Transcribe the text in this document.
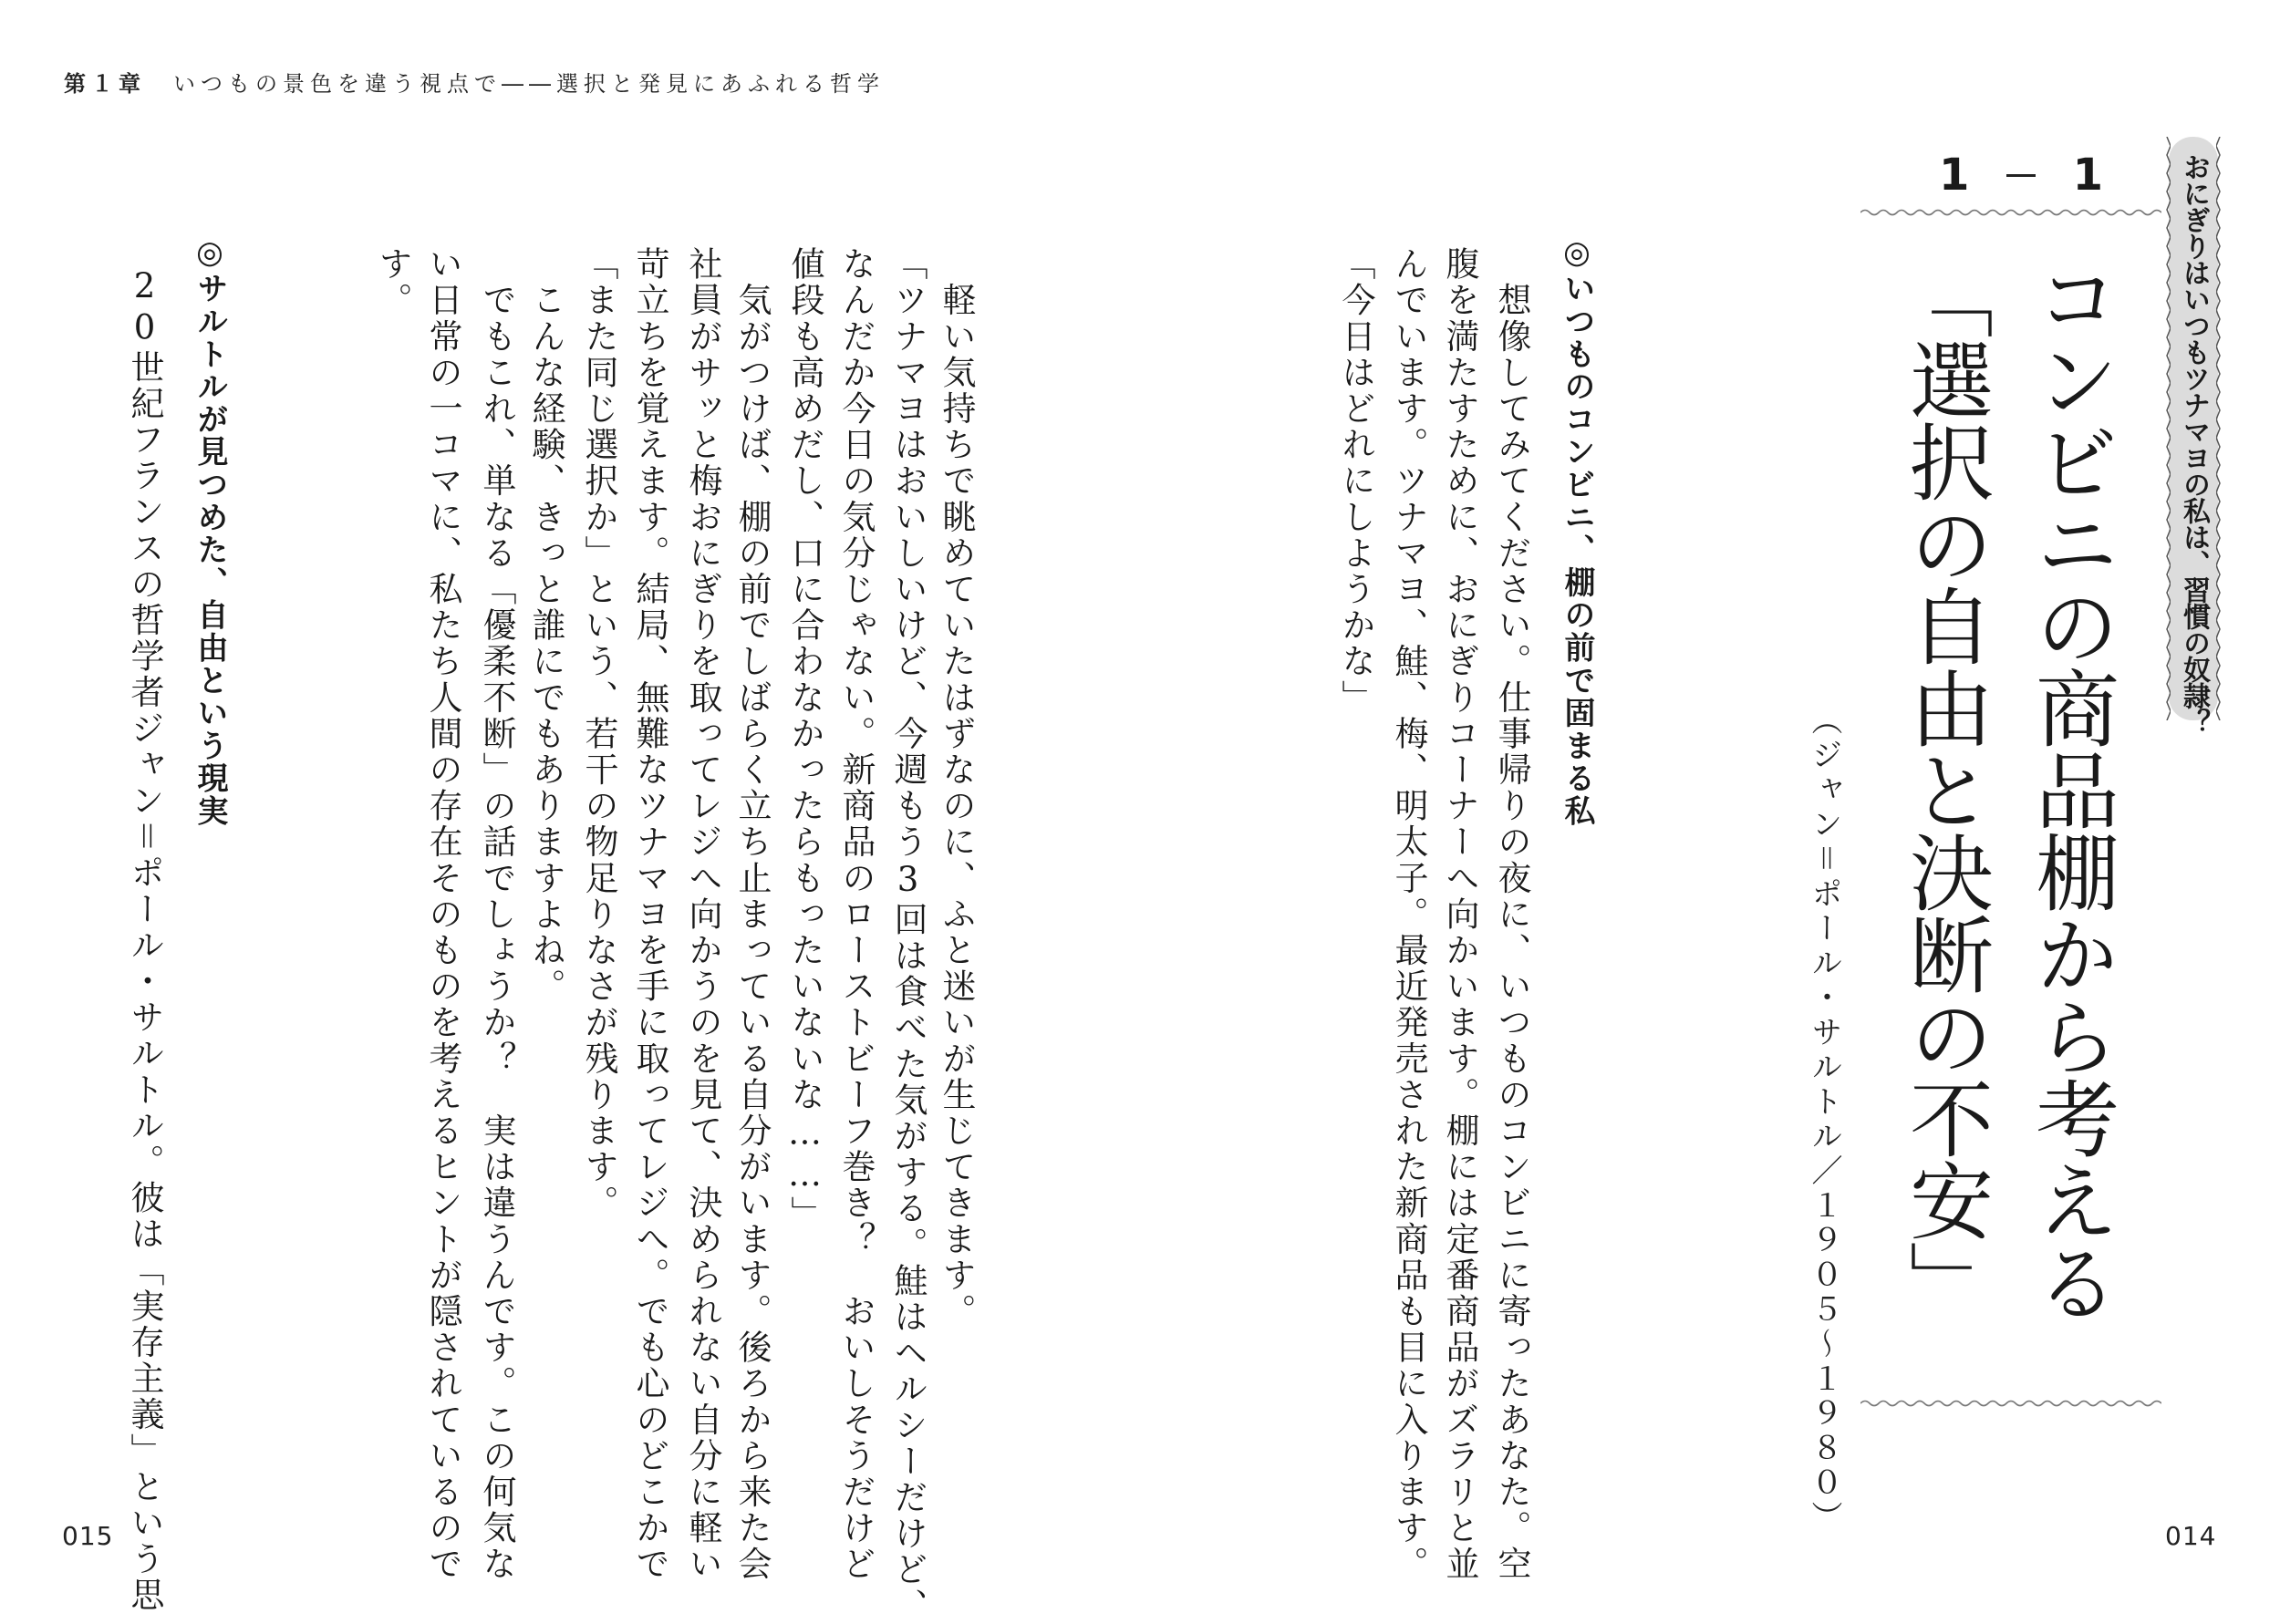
第１章 いつもの景色を違う視点で――選択と発見にあふれる哲学
　軽い気持ちで眺めていたはずなのに、ふと迷いが生じてきます。
「ツナマヨはおいしいけど、今週もう3回は食べた気がする。鮭はヘルシーだけど、
なんだか今日の気分じゃない。新商品のローストビーフ巻き？　おいしそうだけど
値段も高めだし、口に合わなかったらもったいないな……」
　気がつけば、棚の前でしばらく立ち止まっている自分がいます。後ろから来た会
社員がサッと梅おにぎりを取ってレジへ向かうのを見て、決められない自分に軽い
苛立ちを覚えます。結局、無難なツナマヨを手に取ってレジへ。でも心のどこかで
「また同じ選択か」という、若干の物足りなさが残ります。
　こんな経験、きっと誰にでもありますよね。
　でもこれ、単なる「優柔不断」の話でしょうか？　実は違うんです。この何気な
い日常の一コマに、私たち人間の存在そのものを考えるヒントが隠されているので
す。
◎サルトルが見つめた、自由という現実
20世紀フランスの哲学者ジャン＝ポール・サルトル。彼は「実存主義」という思
015
1 1
コンビニの商品棚から考える
「選択の自由と決断の不安」
（ジャン＝ポール・サルトル／１９０５〜１９８０）
おにぎりはいつもツナマヨの私は、習慣の奴隷？
◎いつものコンビニ、棚の前で固まる私
　想像してみてください。仕事帰りの夜に、いつものコンビニに寄ったあなた。空
腹を満たすために、おにぎりコーナーへ向かいます。棚には定番商品がズラリと並
んでいます。ツナマヨ、鮭、梅、明太子。最近発売された新商品も目に入ります。
「今日はどれにしようかな」
014
